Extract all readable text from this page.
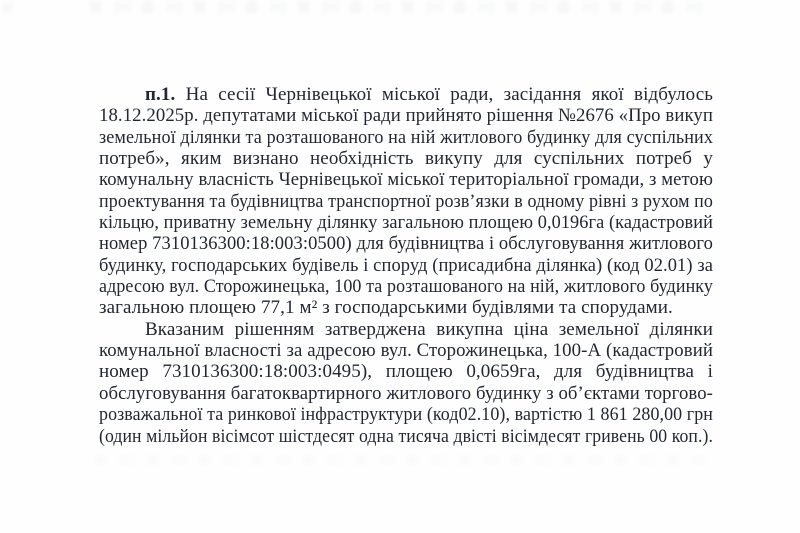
п.1. На сесії Чернівецької міської ради, засідання якої відбулось
18.12.2025р. депутатами міської ради прийнято рішення №2676 «Про викуп
земельної ділянки та розташованого на ній житлового будинку для суспільних
потреб», яким визнано необхідність викупу для суспільних потреб у
комунальну власність Чернівецької міської територіальної громади, з метою
проектування та будівництва транспортної розв’язки в одному рівні з рухом по
кільцю, приватну земельну ділянку загальною площею 0,0196га (кадастровий
номер 7310136300:18:003:0500) для будівництва і обслуговування житлового
будинку, господарських будівель і споруд (присадибна ділянка) (код 02.01) за
адресою вул. Сторожинецька, 100 та розташованого на ній, житлового будинку
загальною площею 77,1 м² з господарськими будівлями та спорудами.
Вказаним рішенням затверджена викупна ціна земельної ділянки
комунальної власності за адресою вул. Сторожинецька, 100-А (кадастровий
номер 7310136300:18:003:0495), площею 0,0659га, для будівництва і
обслуговування багатоквартирного житлового будинку з об’єктами торгово-
розважальної та ринкової інфраструктури (код02.10), вартістю 1 861 280,00 грн
(один мільйон вісімсот шістдесят одна тисяча двісті вісімдесят гривень 00 коп.).
